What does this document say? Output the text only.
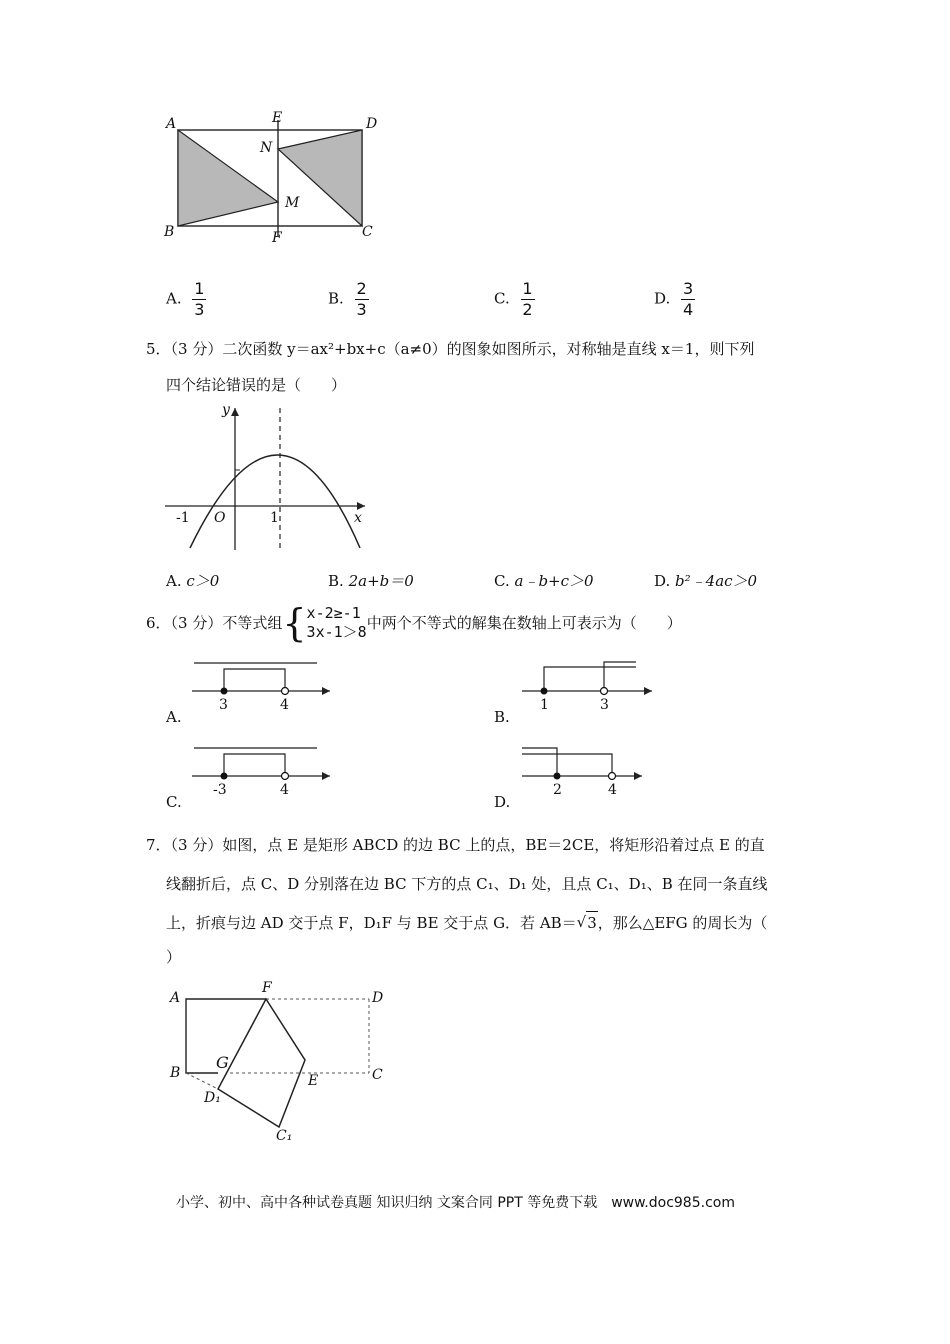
A	E	D
N
M
B	F	C
A. $\frac{1}{3}$	B. $\frac{2}{3}$	C. $\frac{1}{2}$	D. $\frac{3}{4}$
5．（3 分）二次函数 y＝ax²+bx+c（a≠0）的图象如图所示，对称轴是直线 x＝1，则下列
四个结论错误的是（　　）
y
x
-1 O	1
A. c＞0	B. 2a+b＝0	C. a﹣b+c＞0	D. b²﹣4ac＞0
6．（3 分）不等式组 { x-2≥-1
3x-1＞8 中两个不等式的解集在数轴上可表示为（　　）
3	4
A.
1	3
B.
-3	4
C.
2	4
D.
7．（3 分）如图，点 E 是矩形 ABCD 的边 BC 上的点，BE＝2CE，将矩形沿着过点 E 的直
线翻折后，点 C、D 分别落在边 BC 下方的点 C₁、D₁ 处，且点 C₁、D₁、B 在同一条直线
上，折痕与边 AD 交于点 F，D₁F 与 BE 交于点 G．若 AB＝ √ 3 ，那么△EFG 的周长为（
）
A
F
D
B
G
E	C
D₁
C₁
小学、初中、高中各种试卷真题 知识归纳 文案合同 PPT 等免费下载　www.doc985.com
